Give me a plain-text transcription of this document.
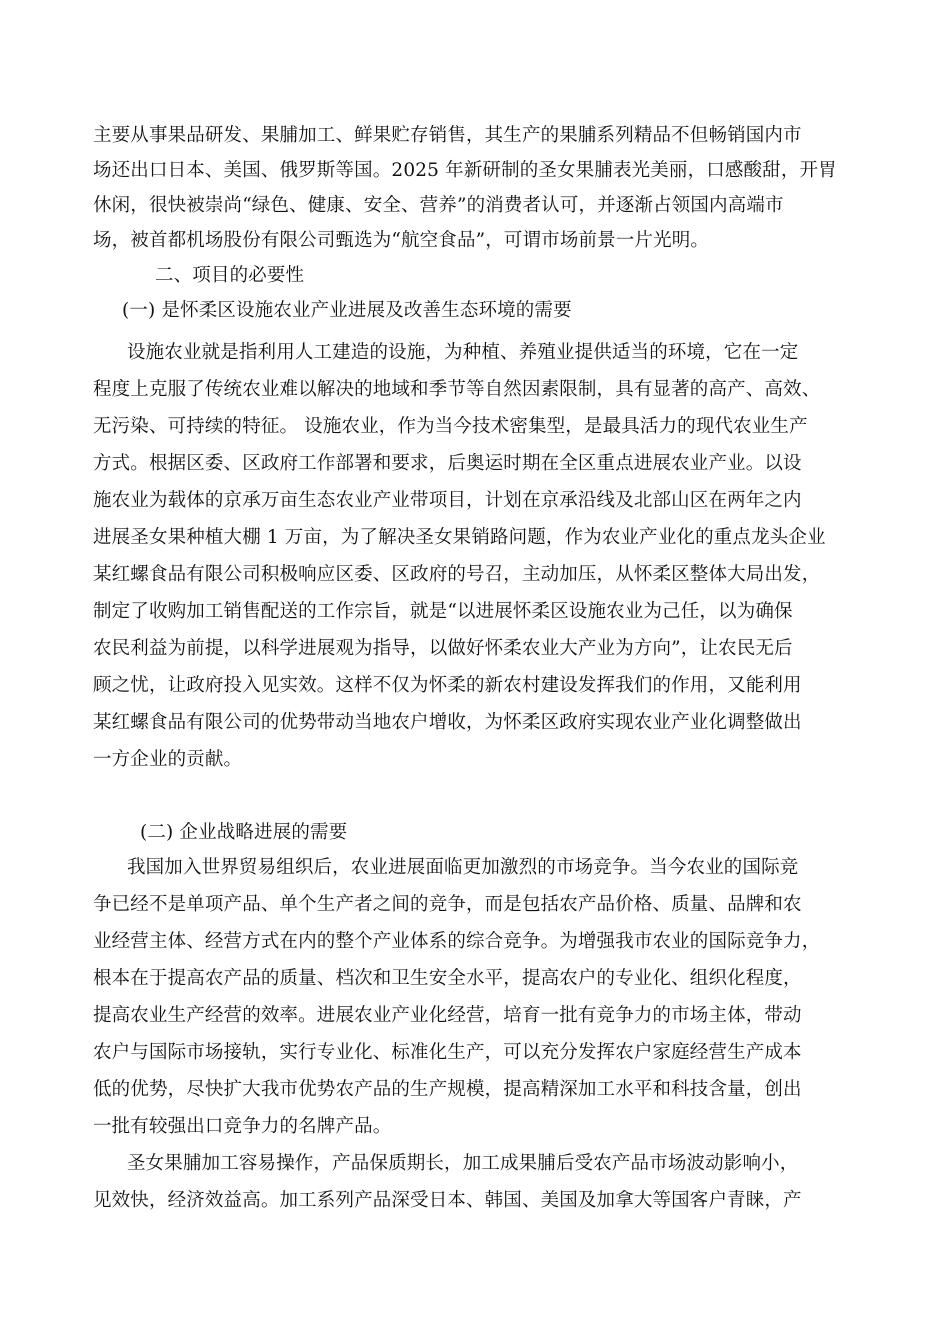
主要从事果品研发、果脯加工、鲜果贮存销售，其生产的果脯系列精品不但畅销国内市
场还出口日本、美国、俄罗斯等国。2025 年新研制的圣女果脯表光美丽，口感酸甜，开胃
休闲，很快被崇尚“绿色、健康、安全、营养”的消费者认可，并逐渐占领国内高端市
场，被首都机场股份有限公司甄选为“航空食品”，可谓市场前景一片光明。
二、项目的必要性
(一) 是怀柔区设施农业产业进展及改善生态环境的需要
设施农业就是指利用人工建造的设施，为种植、养殖业提供适当的环境，它在一定
程度上克服了传统农业难以解决的地域和季节等自然因素限制，具有显著的高产、高效、
无污染、可持续的特征。 设施农业，作为当今技术密集型，是最具活力的现代农业生产
方式。根据区委、区政府工作部署和要求，后奥运时期在全区重点进展农业产业。以设
施农业为载体的京承万亩生态农业产业带项目，计划在京承沿线及北部山区在两年之内
进展圣女果种植大棚 1 万亩，为了解决圣女果销路问题，作为农业产业化的重点龙头企业
某红螺食品有限公司积极响应区委、区政府的号召，主动加压，从怀柔区整体大局出发，
制定了收购加工销售配送的工作宗旨，就是“以进展怀柔区设施农业为己任，以为确保
农民利益为前提，以科学进展观为指导，以做好怀柔农业大产业为方向”，让农民无后
顾之忧，让政府投入见实效。这样不仅为怀柔的新农村建设发挥我们的作用，又能利用
某红螺食品有限公司的优势带动当地农户增收，为怀柔区政府实现农业产业化调整做出
一方企业的贡献。
(二) 企业战略进展的需要
我国加入世界贸易组织后，农业进展面临更加激烈的市场竞争。当今农业的国际竞
争已经不是单项产品、单个生产者之间的竞争，而是包括农产品价格、质量、品牌和农
业经营主体、经营方式在内的整个产业体系的综合竞争。为增强我市农业的国际竞争力，
根本在于提高农产品的质量、档次和卫生安全水平，提高农户的专业化、组织化程度，
提高农业生产经营的效率。进展农业产业化经营，培育一批有竞争力的市场主体，带动
农户与国际市场接轨，实行专业化、标准化生产，可以充分发挥农户家庭经营生产成本
低的优势，尽快扩大我市优势农产品的生产规模，提高精深加工水平和科技含量，创出
一批有较强出口竞争力的名牌产品。
圣女果脯加工容易操作，产品保质期长，加工成果脯后受农产品市场波动影响小，
见效快，经济效益高。加工系列产品深受日本、韩国、美国及加拿大等国客户青睐，产
